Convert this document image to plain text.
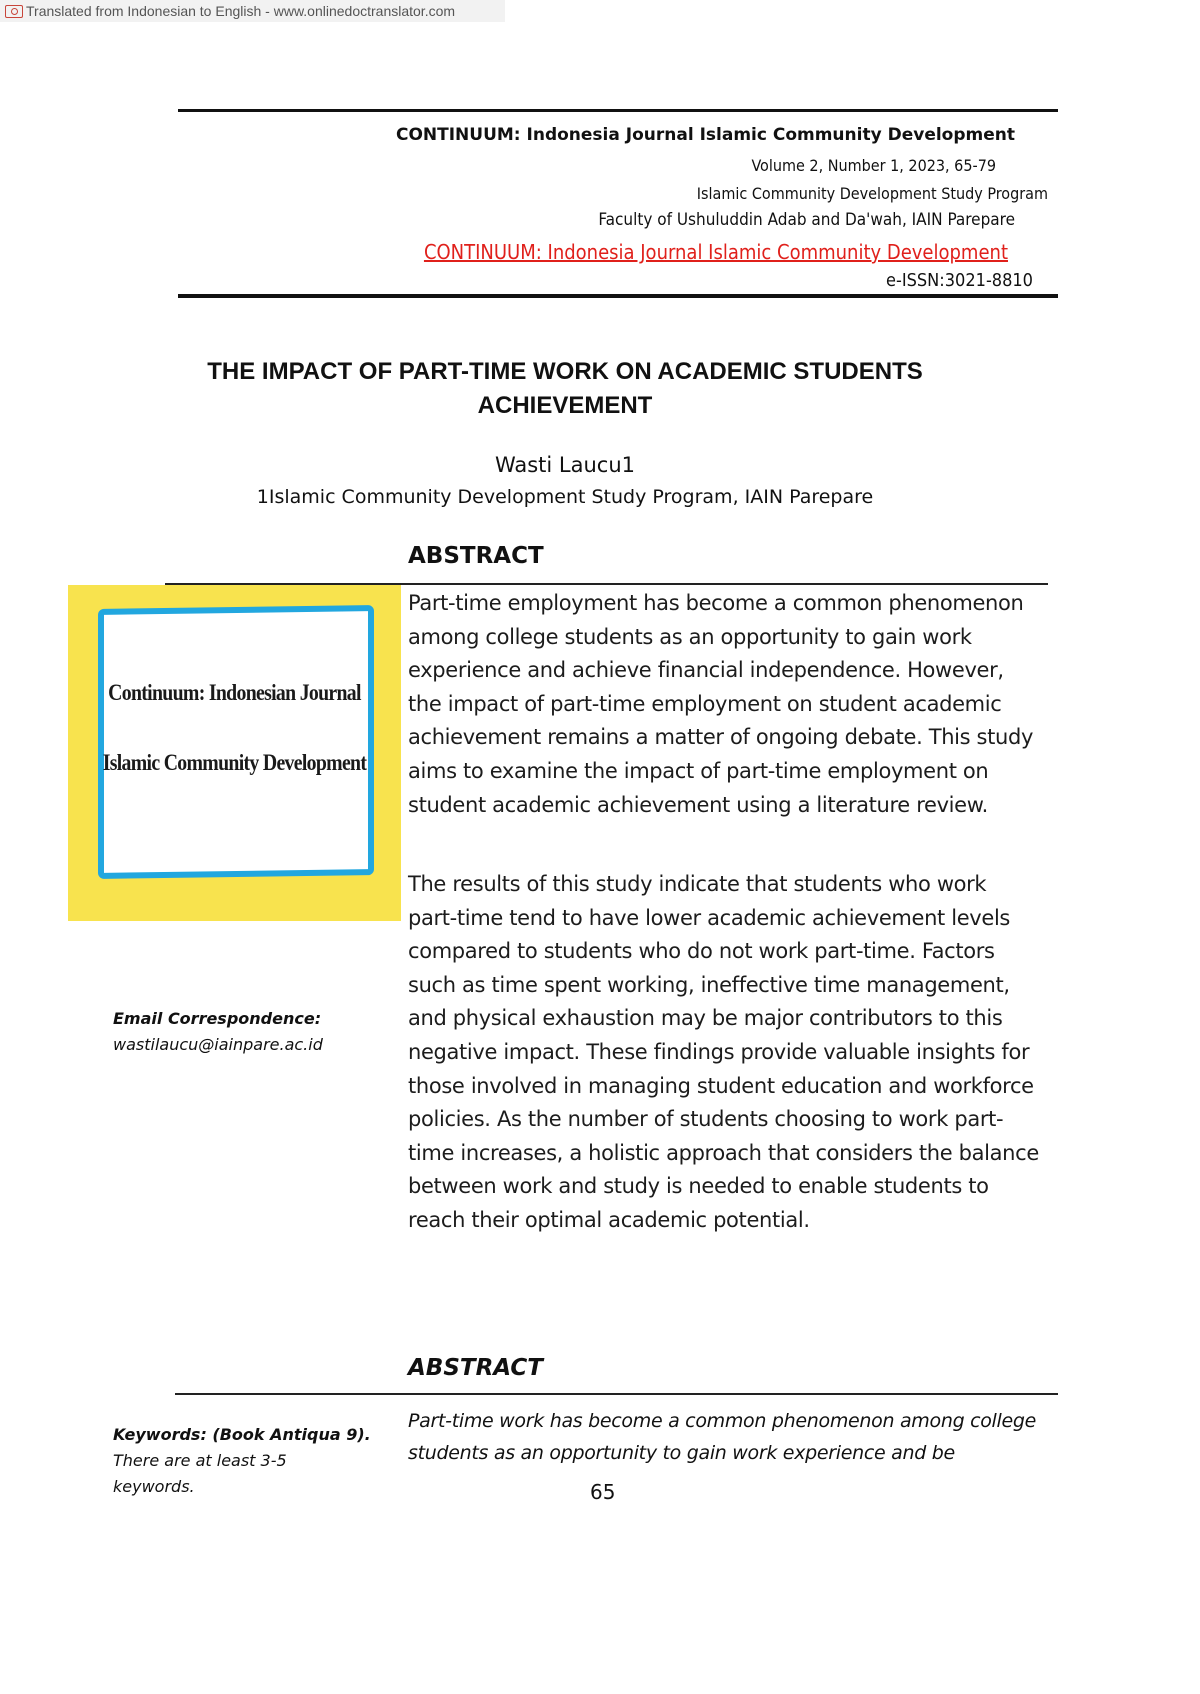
Translated from Indonesian to English - www.onlinedoctranslator.com
CONTINUUM: Indonesia Journal Islamic Community Development
Volume 2, Number 1, 2023, 65-79
Islamic Community Development Study Program
Faculty of Ushuluddin Adab and Da'wah, IAIN Parepare
CONTINUUM: Indonesia Journal Islamic Community Development
e-ISSN:3021-8810
THE IMPACT OF PART-TIME WORK ON ACADEMIC STUDENTS
ACHIEVEMENT
Wasti Laucu1
1Islamic Community Development Study Program, IAIN Parepare
ABSTRACT
Continuum: Indonesian Journal
Islamic Community Development
Part-time employment has become a common phenomenon
among college students as an opportunity to gain work
experience and achieve financial independence. However,
the impact of part-time employment on student academic
achievement remains a matter of ongoing debate. This study
aims to examine the impact of part-time employment on
student academic achievement using a literature review.
The results of this study indicate that students who work
part-time tend to have lower academic achievement levels
compared to students who do not work part-time. Factors
such as time spent working, ineffective time management,
and physical exhaustion may be major contributors to this
negative impact. These findings provide valuable insights for
those involved in managing student education and workforce
policies. As the number of students choosing to work part-
time increases, a holistic approach that considers the balance
between work and study is needed to enable students to
reach their optimal academic potential.
Email Correspondence:
wastilaucu@iainpare.ac.id
ABSTRACT
Part-time work has become a common phenomenon among college
students as an opportunity to gain work experience and be
Keywords: (Book Antiqua 9).
There are at least 3-5
keywords.	65
